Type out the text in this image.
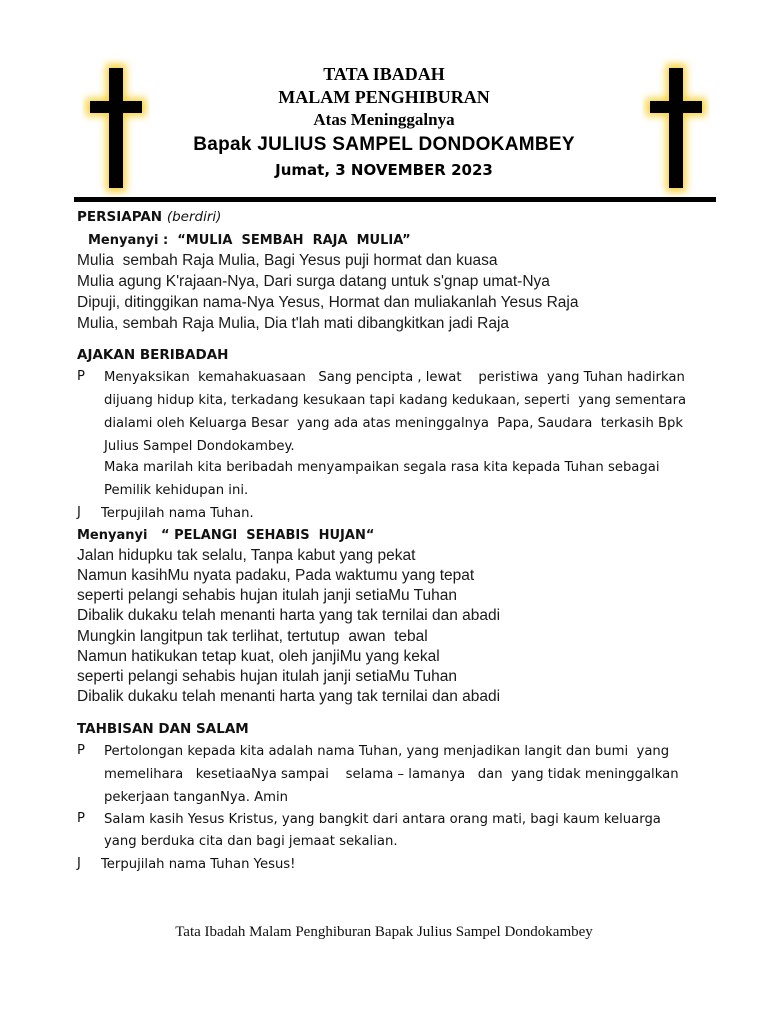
TATA IBADAH
MALAM PENGHIBURAN
Atas Meninggalnya
Bapak JULIUS SAMPEL DONDOKAMBEY
Jumat, 3 NOVEMBER 2023
PERSIAPAN (berdiri)
Menyanyi :  “MULIA  SEMBAH  RAJA  MULIA”
Mulia  sembah Raja Mulia, Bagi Yesus puji hormat dan kuasa
Mulia agung K'rajaan-Nya, Dari surga datang untuk s'gnap umat-Nya
Dipuji, ditinggikan nama-Nya Yesus, Hormat dan muliakanlah Yesus Raja
Mulia, sembah Raja Mulia, Dia t'lah mati dibangkitkan jadi Raja
AJAKAN BERIBADAH
P Menyaksikan  kemahakuasaan   Sang pencipta , lewat    peristiwa  yang Tuhan hadirkan
dijuang hidup kita, terkadang kesukaan tapi kadang kedukaan, seperti  yang sementara
dialami oleh Keluarga Besar  yang ada atas meninggalnya  Papa, Saudara  terkasih Bpk
Julius Sampel Dondokambey.
Maka marilah kita beribadah menyampaikan segala rasa kita kepada Tuhan sebagai
Pemilik kehidupan ini.
J Terpujilah nama Tuhan.
Menyanyi   “ PELANGI  SEHABIS  HUJAN“
Jalan hidupku tak selalu, Tanpa kabut yang pekat
Namun kasihMu nyata padaku, Pada waktumu yang tepat
seperti pelangi sehabis hujan itulah janji setiaMu Tuhan
Dibalik dukaku telah menanti harta yang tak ternilai dan abadi
Mungkin langitpun tak terlihat, tertutup  awan  tebal
Namun hatikukan tetap kuat, oleh janjiMu yang kekal
seperti pelangi sehabis hujan itulah janji setiaMu Tuhan
Dibalik dukaku telah menanti harta yang tak ternilai dan abadi
TAHBISAN DAN SALAM
P Pertolongan kepada kita adalah nama Tuhan, yang menjadikan langit dan bumi  yang
memelihara   kesetiaaNya sampai    selama – lamanya   dan  yang tidak meninggalkan
pekerjaan tanganNya. Amin
P Salam kasih Yesus Kristus, yang bangkit dari antara orang mati, bagi kaum keluarga
yang berduka cita dan bagi jemaat sekalian.
J Terpujilah nama Tuhan Yesus!
Tata Ibadah Malam Penghiburan Bapak Julius Sampel Dondokambey
